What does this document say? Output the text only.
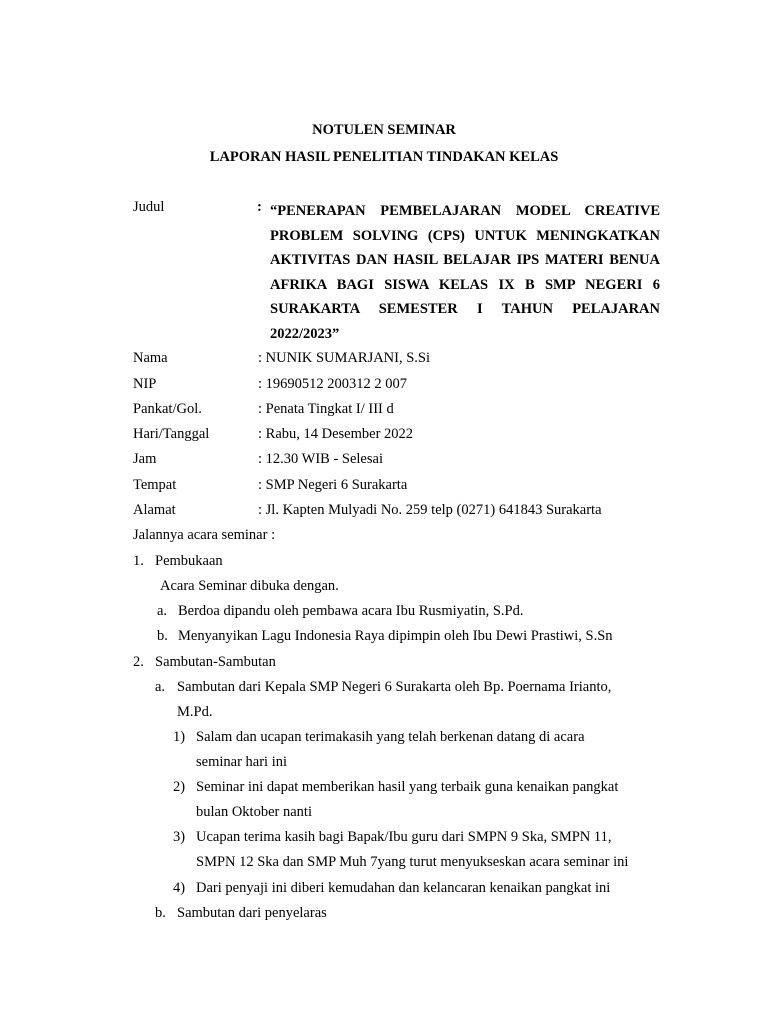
NOTULEN SEMINAR
LAPORAN HASIL PENELITIAN TINDAKAN KELAS
Judul	: “PENERAPAN PEMBELAJARAN MODEL CREATIVE PROBLEM SOLVING (CPS) UNTUK MENINGKATKAN AKTIVITAS DAN HASIL BELAJAR IPS MATERI BENUA AFRIKA BAGI SISWA KELAS IX B SMP NEGERI 6 SURAKARTA SEMESTER I TAHUN PELAJARAN 2022/2023”
Nama	: NUNIK SUMARJANI, S.Si
NIP	: 19690512 200312 2 007
Pankat/Gol.	: Penata Tingkat I/ III d
Hari/Tanggal	: Rabu, 14 Desember 2022
Jam	: 12.30 WIB - Selesai
Tempat	: SMP Negeri 6 Surakarta
Alamat	: Jl. Kapten Mulyadi No. 259 telp (0271) 641843 Surakarta
Jalannya acara seminar :
1. Pembukaan
Acara Seminar dibuka dengan.
a. Berdoa dipandu oleh pembawa acara Ibu Rusmiyatin, S.Pd.
b. Menyanyikan Lagu Indonesia Raya dipimpin oleh Ibu Dewi Prastiwi, S.Sn
2. Sambutan-Sambutan
a. Sambutan dari Kepala SMP Negeri 6 Surakarta oleh Bp. Poernama Irianto,
M.Pd.
1) Salam dan ucapan terimakasih yang telah berkenan datang di acara
seminar hari ini
2) Seminar ini dapat memberikan hasil yang terbaik guna kenaikan pangkat
bulan Oktober nanti
3) Ucapan terima kasih bagi Bapak/Ibu guru dari SMPN 9 Ska, SMPN 11,
SMPN 12 Ska dan SMP Muh 7yang turut menyukseskan acara seminar ini
4) Dari penyaji ini diberi kemudahan dan kelancaran kenaikan pangkat ini
b. Sambutan dari penyelaras
